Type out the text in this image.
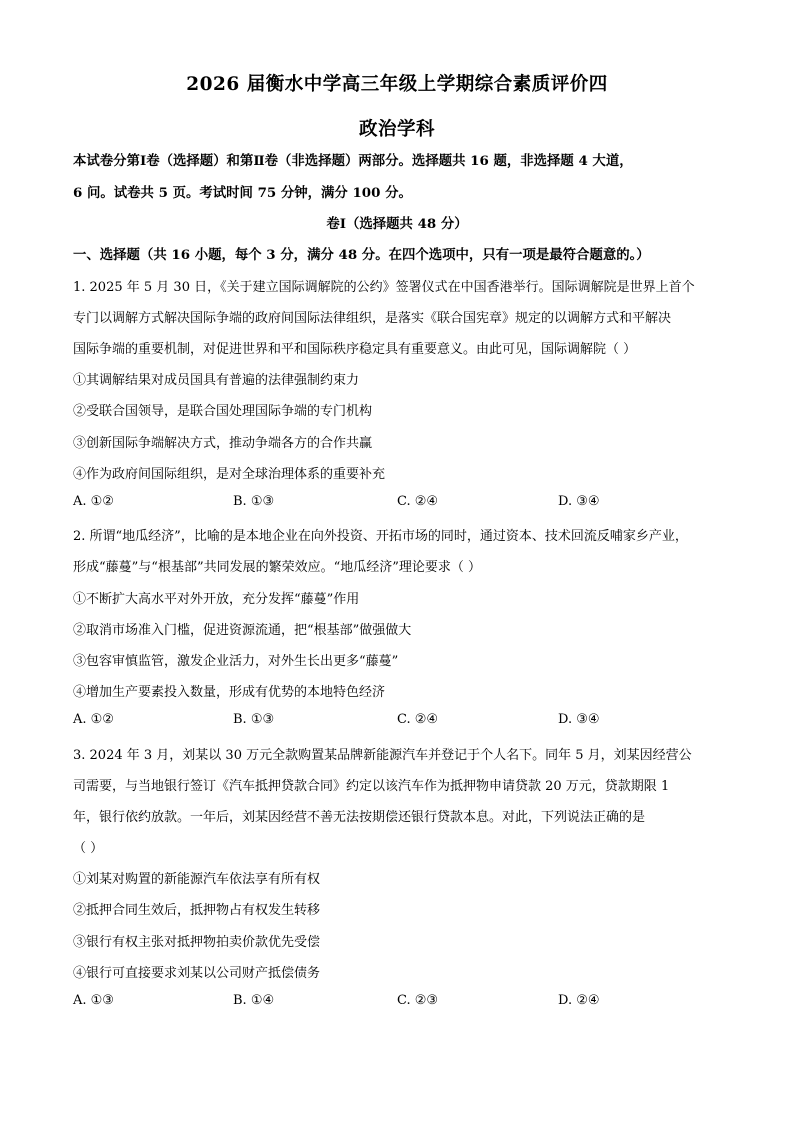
2026 届衡水中学高三年级上学期综合素质评价四
政治学科
本试卷分第Ⅰ卷（选择题）和第Ⅱ卷（非选择题）两部分。选择题共 16 题，非选择题 4 大道，
6 问。试卷共 5 页。考试时间 75 分钟，满分 100 分。
卷Ⅰ（选择题共 48 分）
一、选择题（共 16 小题，每个 3 分，满分 48 分。在四个选项中，只有一项是最符合题意的。）
1. 2025 年 5 月 30 日，《关于建立国际调解院的公约》签署仪式在中国香港举行。国际调解院是世界上首个
专门以调解方式解决国际争端的政府间国际法律组织，是落实《联合国宪章》规定的以调解方式和平解决
国际争端的重要机制，对促进世界和平和国际秩序稳定具有重要意义。由此可见，国际调解院（ ）
①其调解结果对成员国具有普遍的法律强制约束力
②受联合国领导，是联合国处理国际争端的专门机构
③创新国际争端解决方式，推动争端各方的合作共赢
④作为政府间国际组织，是对全球治理体系的重要补充
A. ①②	B. ①③	C. ②④	D. ③④
2. 所谓“地瓜经济”，比喻的是本地企业在向外投资、开拓市场的同时，通过资本、技术回流反哺家乡产业，
形成“藤蔓”与“根基部”共同发展的繁荣效应。“地瓜经济”理论要求（ ）
①不断扩大高水平对外开放，充分发挥“藤蔓”作用
②取消市场准入门槛，促进资源流通，把“根基部”做强做大
③包容审慎监管，激发企业活力，对外生长出更多“藤蔓”
④增加生产要素投入数量，形成有优势的本地特色经济
A. ①②	B. ①③	C. ②④	D. ③④
3. 2024 年 3 月，刘某以 30 万元全款购置某品牌新能源汽车并登记于个人名下。同年 5 月，刘某因经营公
司需要，与当地银行签订《汽车抵押贷款合同》约定以该汽车作为抵押物申请贷款 20 万元，贷款期限 1
年，银行依约放款。一年后，刘某因经营不善无法按期偿还银行贷款本息。对此，下列说法正确的是
（ ）
①刘某对购置的新能源汽车依法享有所有权
②抵押合同生效后，抵押物占有权发生转移
③银行有权主张对抵押物拍卖价款优先受偿
④银行可直接要求刘某以公司财产抵偿债务
A. ①③	B. ①④	C. ②③	D. ②④
